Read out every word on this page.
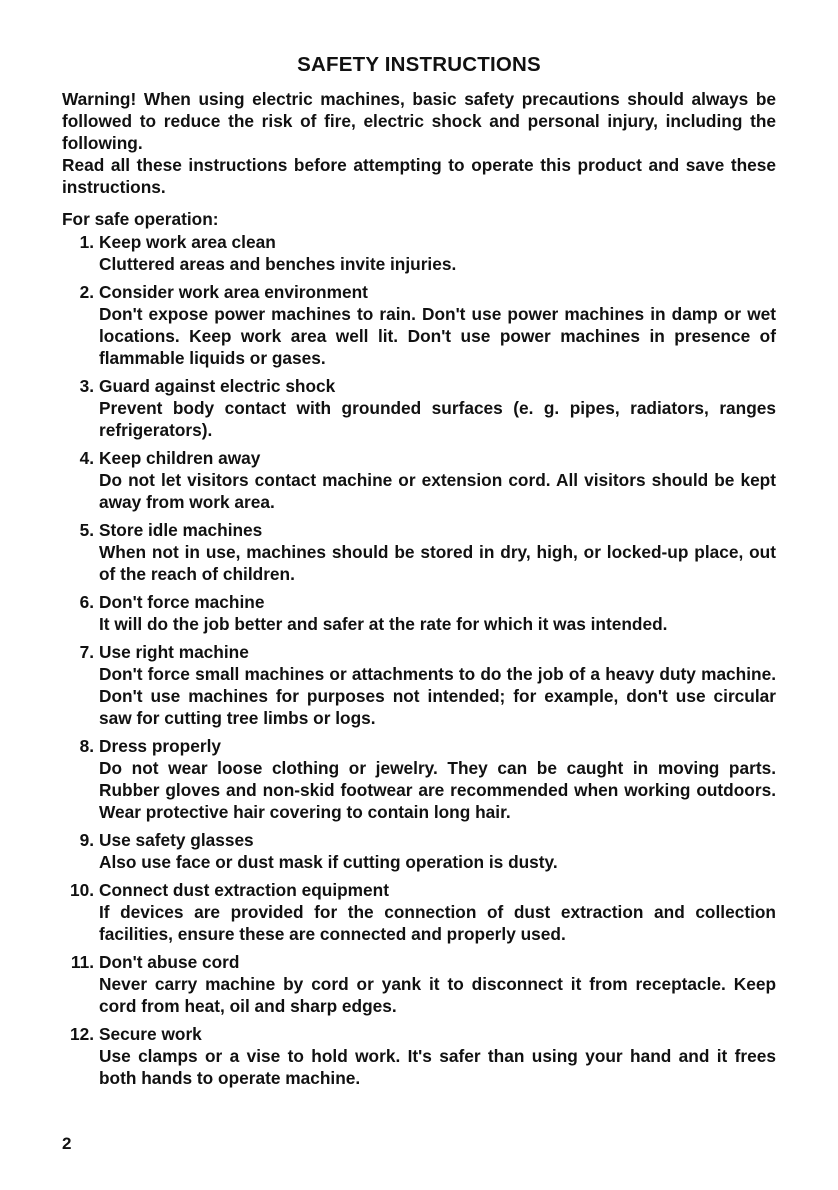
SAFETY INSTRUCTIONS

Warning! When using electric machines, basic safety precautions should always be followed to reduce the risk of fire, electric shock and personal injury, including the following.

Read all these instructions before attempting to operate this product and save these instructions.

For safe operation:

1. Keep work area clean
Cluttered areas and benches invite injuries.
2. Consider work area environment
Don't expose power machines to rain. Don't use power machines in damp or wet locations. Keep work area well lit. Don't use power machines in presence of flammable liquids or gases.
3. Guard against electric shock
Prevent body contact with grounded surfaces (e. g. pipes, radiators, ranges refrigerators).
4. Keep children away
Do not let visitors contact machine or extension cord. All visitors should be kept away from work area.
5. Store idle machines
When not in use, machines should be stored in dry, high, or locked-up place, out of the reach of children.
6. Don't force machine
It will do the job better and safer at the rate for which it was intended.
7. Use right machine
Don't force small machines or attachments to do the job of a heavy duty machine. Don't use machines for purposes not intended; for example, don't use circular saw for cutting tree limbs or logs.
8. Dress properly
Do not wear loose clothing or jewelry. They can be caught in moving parts. Rubber gloves and non-skid footwear are recommended when working outdoors. Wear protective hair covering to contain long hair.
9. Use safety glasses
Also use face or dust mask if cutting operation is dusty.
10. Connect dust extraction equipment
If devices are provided for the connection of dust extraction and collection facilities, ensure these are connected and properly used.
11. Don't abuse cord
Never carry machine by cord or yank it to disconnect it from receptacle. Keep cord from heat, oil and sharp edges.
12. Secure work
Use clamps or a vise to hold work. It's safer than using your hand and it frees both hands to operate machine.
2
